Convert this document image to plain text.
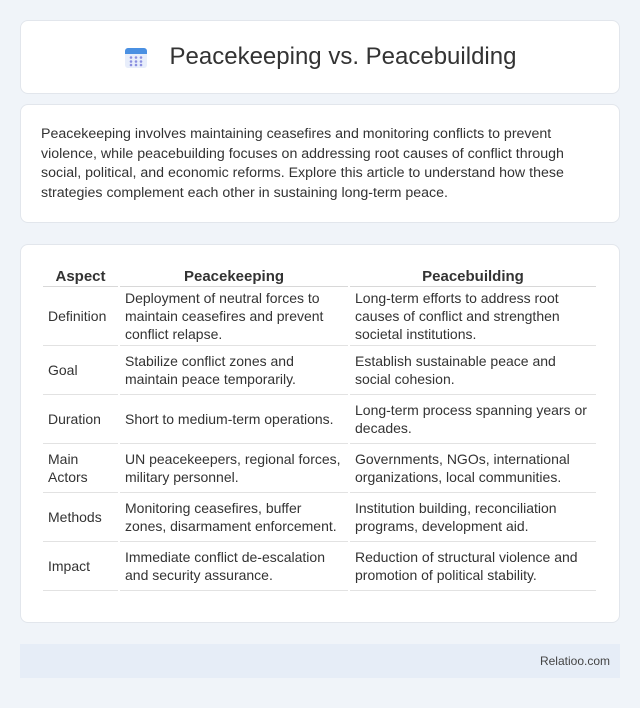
Peacekeeping vs. Peacebuilding

Peacekeeping involves maintaining ceasefires and monitoring conflicts to prevent violence, while peacebuilding focuses on addressing root causes of conflict through social, political, and economic reforms. Explore this article to understand how these strategies complement each other in sustaining long-term peace.

Aspect	Peacekeeping	Peacebuilding
Definition	Deployment of neutral forces to maintain ceasefires and prevent conflict relapse.	Long-term efforts to address root causes of conflict and strengthen societal institutions.
Goal	Stabilize conflict zones and maintain peace temporarily.	Establish sustainable peace and social cohesion.
Duration	Short to medium-term operations.	Long-term process spanning years or decades.
Main Actors	UN peacekeepers, regional forces, military personnel.	Governments, NGOs, international organizations, local communities.
Methods	Monitoring ceasefires, buffer zones, disarmament enforcement.	Institution building, reconciliation programs, development aid.
Impact	Immediate conflict de-escalation and security assurance.	Reduction of structural violence and promotion of political stability.
Relatioo.com
